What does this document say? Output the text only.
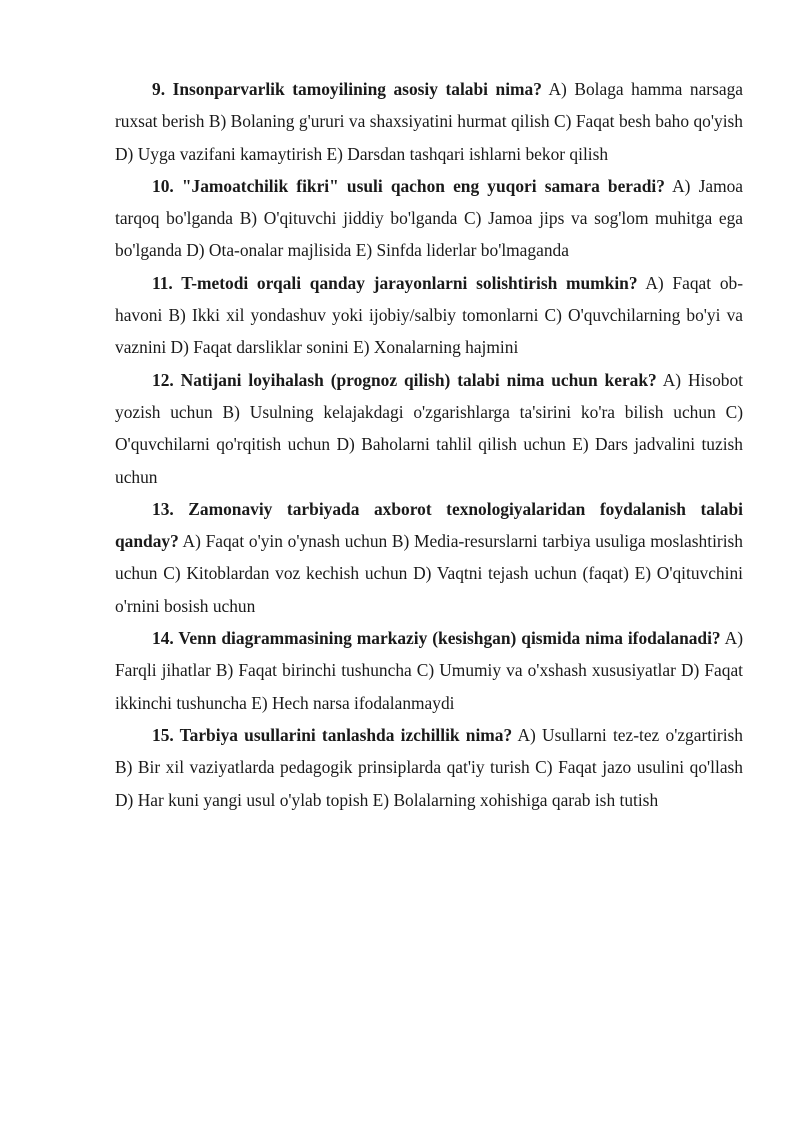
9. Insonparvarlik tamoyilining asosiy talabi nima? A) Bolaga hamma narsaga ruxsat berish B) Bolaning g'ururi va shaxsiyatini hurmat qilish C) Faqat besh baho qo'yish D) Uyga vazifani kamaytirish E) Darsdan tashqari ishlarni bekor qilish

10. "Jamoatchilik fikri" usuli qachon eng yuqori samara beradi? A) Jamoa tarqoq bo'lganda B) O'qituvchi jiddiy bo'lganda C) Jamoa jips va sog'lom muhitga ega bo'lganda D) Ota-onalar majlisida E) Sinfda liderlar bo'lmaganda

11. T-metodi orqali qanday jarayonlarni solishtirish mumkin? A) Faqat ob-havoni B) Ikki xil yondashuv yoki ijobiy/salbiy tomonlarni C) O'quvchilarning bo'yi va vaznini D) Faqat darsliklar sonini E) Xonalarning hajmini

12. Natijani loyihalash (prognoz qilish) talabi nima uchun kerak? A) Hisobot yozish uchun B) Usulning kelajakdagi o'zgarishlarga ta'sirini ko'ra bilish uchun C) O'quvchilarni qo'rqitish uchun D) Baholarni tahlil qilish uchun E) Dars jadvalini tuzish uchun

13. Zamonaviy tarbiyada axborot texnologiyalaridan foydalanish talabi qanday? A) Faqat o'yin o'ynash uchun B) Media-resurslarni tarbiya usuliga moslashtirish uchun C) Kitoblardan voz kechish uchun D) Vaqtni tejash uchun (faqat) E) O'qituvchini o'rnini bosish uchun

14. Venn diagrammasining markaziy (kesishgan) qismida nima ifodalanadi? A) Farqli jihatlar B) Faqat birinchi tushuncha C) Umumiy va o'xshash xususiyatlar D) Faqat ikkinchi tushuncha E) Hech narsa ifodalanmaydi

15. Tarbiya usullarini tanlashda izchillik nima? A) Usullarni tez-tez o'zgartirish B) Bir xil vaziyatlarda pedagogik prinsiplarda qat'iy turish C) Faqat jazo usulini qo'llash D) Har kuni yangi usul o'ylab topish E) Bolalarning xohishiga qarab ish tutish
